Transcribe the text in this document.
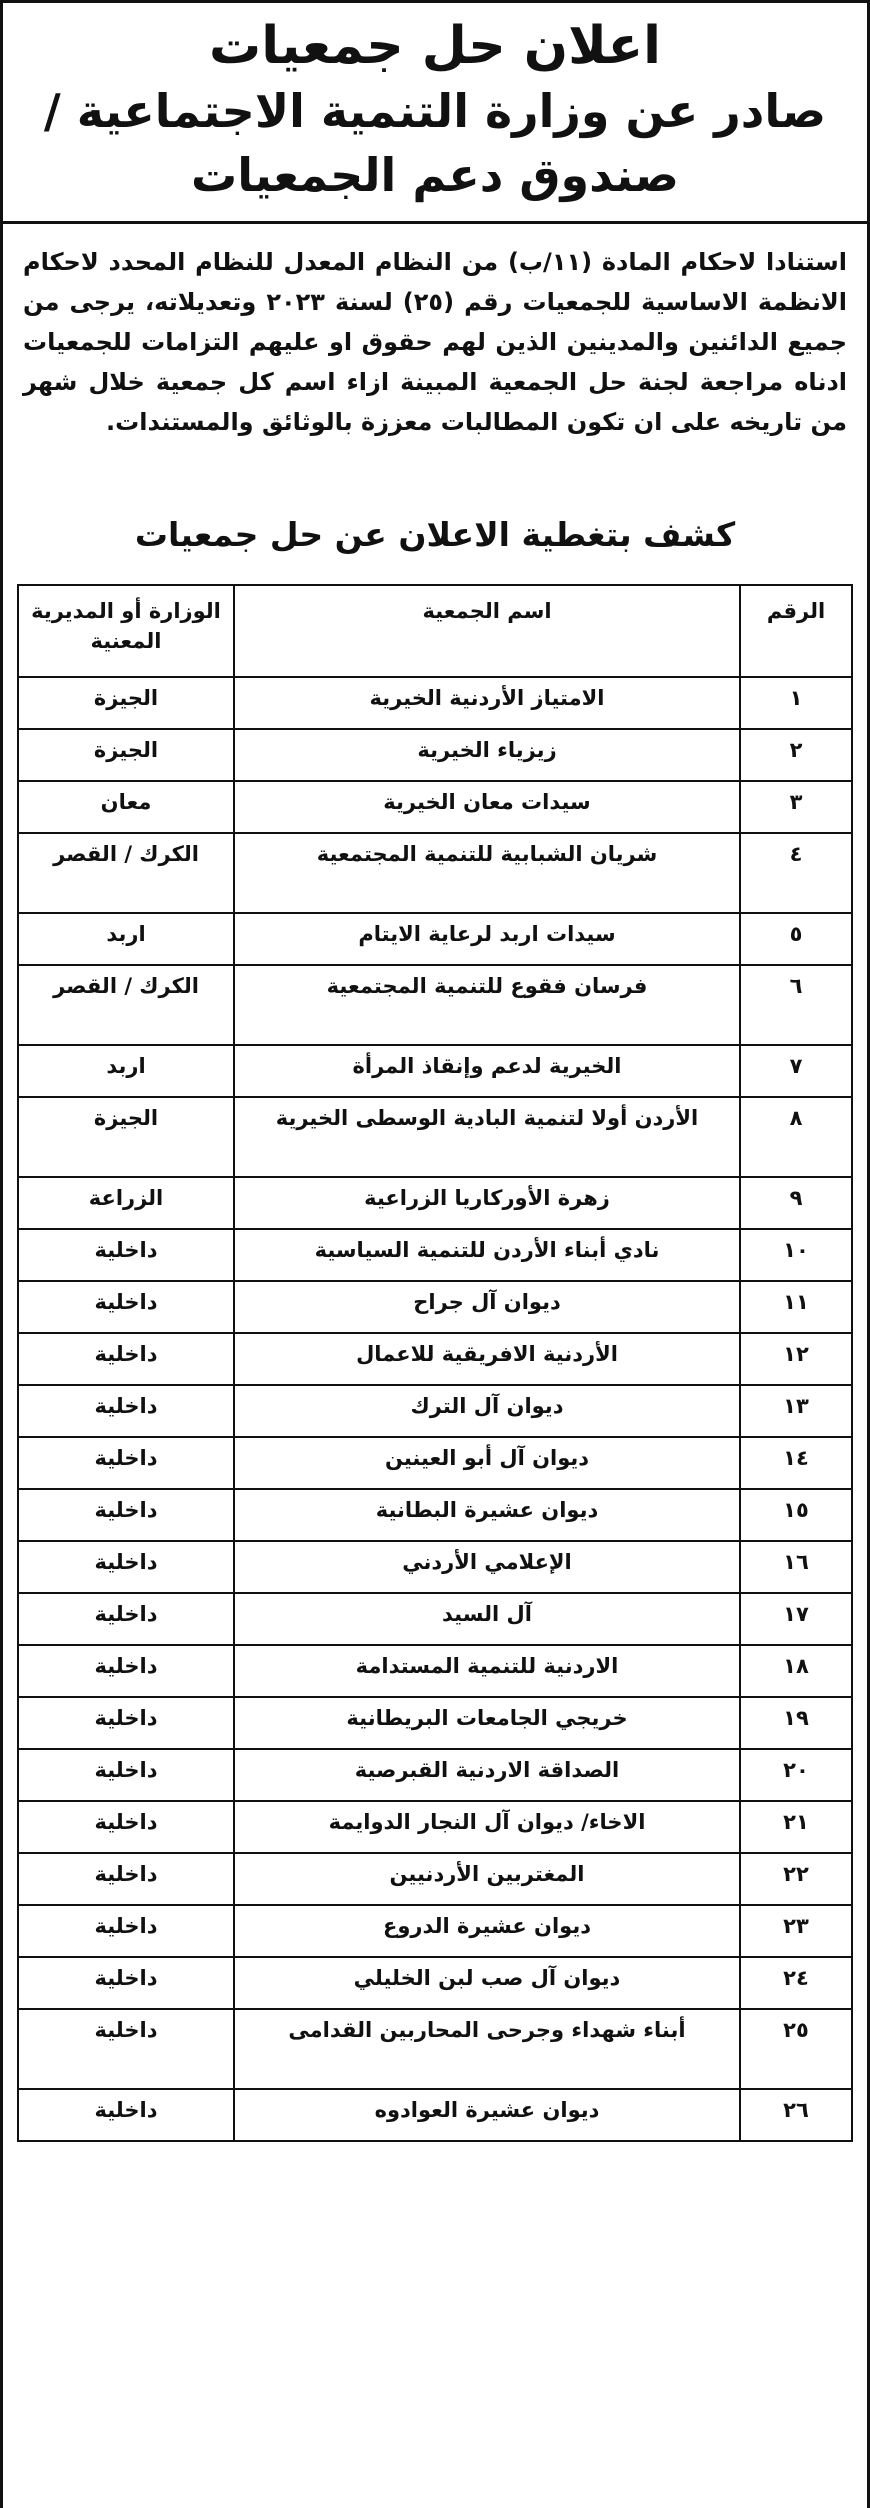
اعلان حل جمعيات
صادر عن وزارة التنمية الاجتماعية /
صندوق دعم الجمعيات
استنادا لاحكام المادة (١١/ب) من النظام المعدل للنظام المحدد لاحكام الانظمة الاساسية للجمعيات رقم (٢٥) لسنة ٢٠٢٣ وتعديلاته، يرجى من جميع الدائنين والمدينين الذين لهم حقوق او عليهم التزامات للجمعيات ادناه مراجعة لجنة حل الجمعية المبينة ازاء اسم كل جمعية خلال شهر من تاريخه على ان تكون المطالبات معززة بالوثائق والمستندات.
كشف بتغطية الاعلان عن حل جمعيات
الرقم	اسم الجمعية	الوزارة أو المديرية المعنية
١	الامتياز الأردنية الخيرية	الجيزة
٢	زيزياء الخيرية	الجيزة
٣	سيدات معان الخيرية	معان
٤	شريان الشبابية للتنمية المجتمعية	الكرك / القصر
٥	سيدات اربد لرعاية الايتام	اربد
٦	فرسان فقوع للتنمية المجتمعية	الكرك / القصر
٧	الخيرية لدعم وإنقاذ المرأة	اربد
٨	الأردن أولا لتنمية البادية الوسطى الخيرية	الجيزة
٩	زهرة الأوركاريا الزراعية	الزراعة
١٠	نادي أبناء الأردن للتنمية السياسية	داخلية
١١	ديوان آل جراح	داخلية
١٢	الأردنية الافريقية للاعمال	داخلية
١٣	ديوان آل الترك	داخلية
١٤	ديوان آل أبو العينين	داخلية
١٥	ديوان عشيرة البطانية	داخلية
١٦	الإعلامي الأردني	داخلية
١٧	آل السيد	داخلية
١٨	الاردنية للتنمية المستدامة	داخلية
١٩	خريجي الجامعات البريطانية	داخلية
٢٠	الصداقة الاردنية القبرصية	داخلية
٢١	الاخاء/ ديوان آل النجار الدوايمة	داخلية
٢٢	المغتربين الأردنيين	داخلية
٢٣	ديوان عشيرة الدروع	داخلية
٢٤	ديوان آل صب لبن الخليلي	داخلية
٢٥	أبناء شهداء وجرحى المحاربين القدامى	داخلية
٢٦	ديوان عشيرة العوادوه	داخلية
